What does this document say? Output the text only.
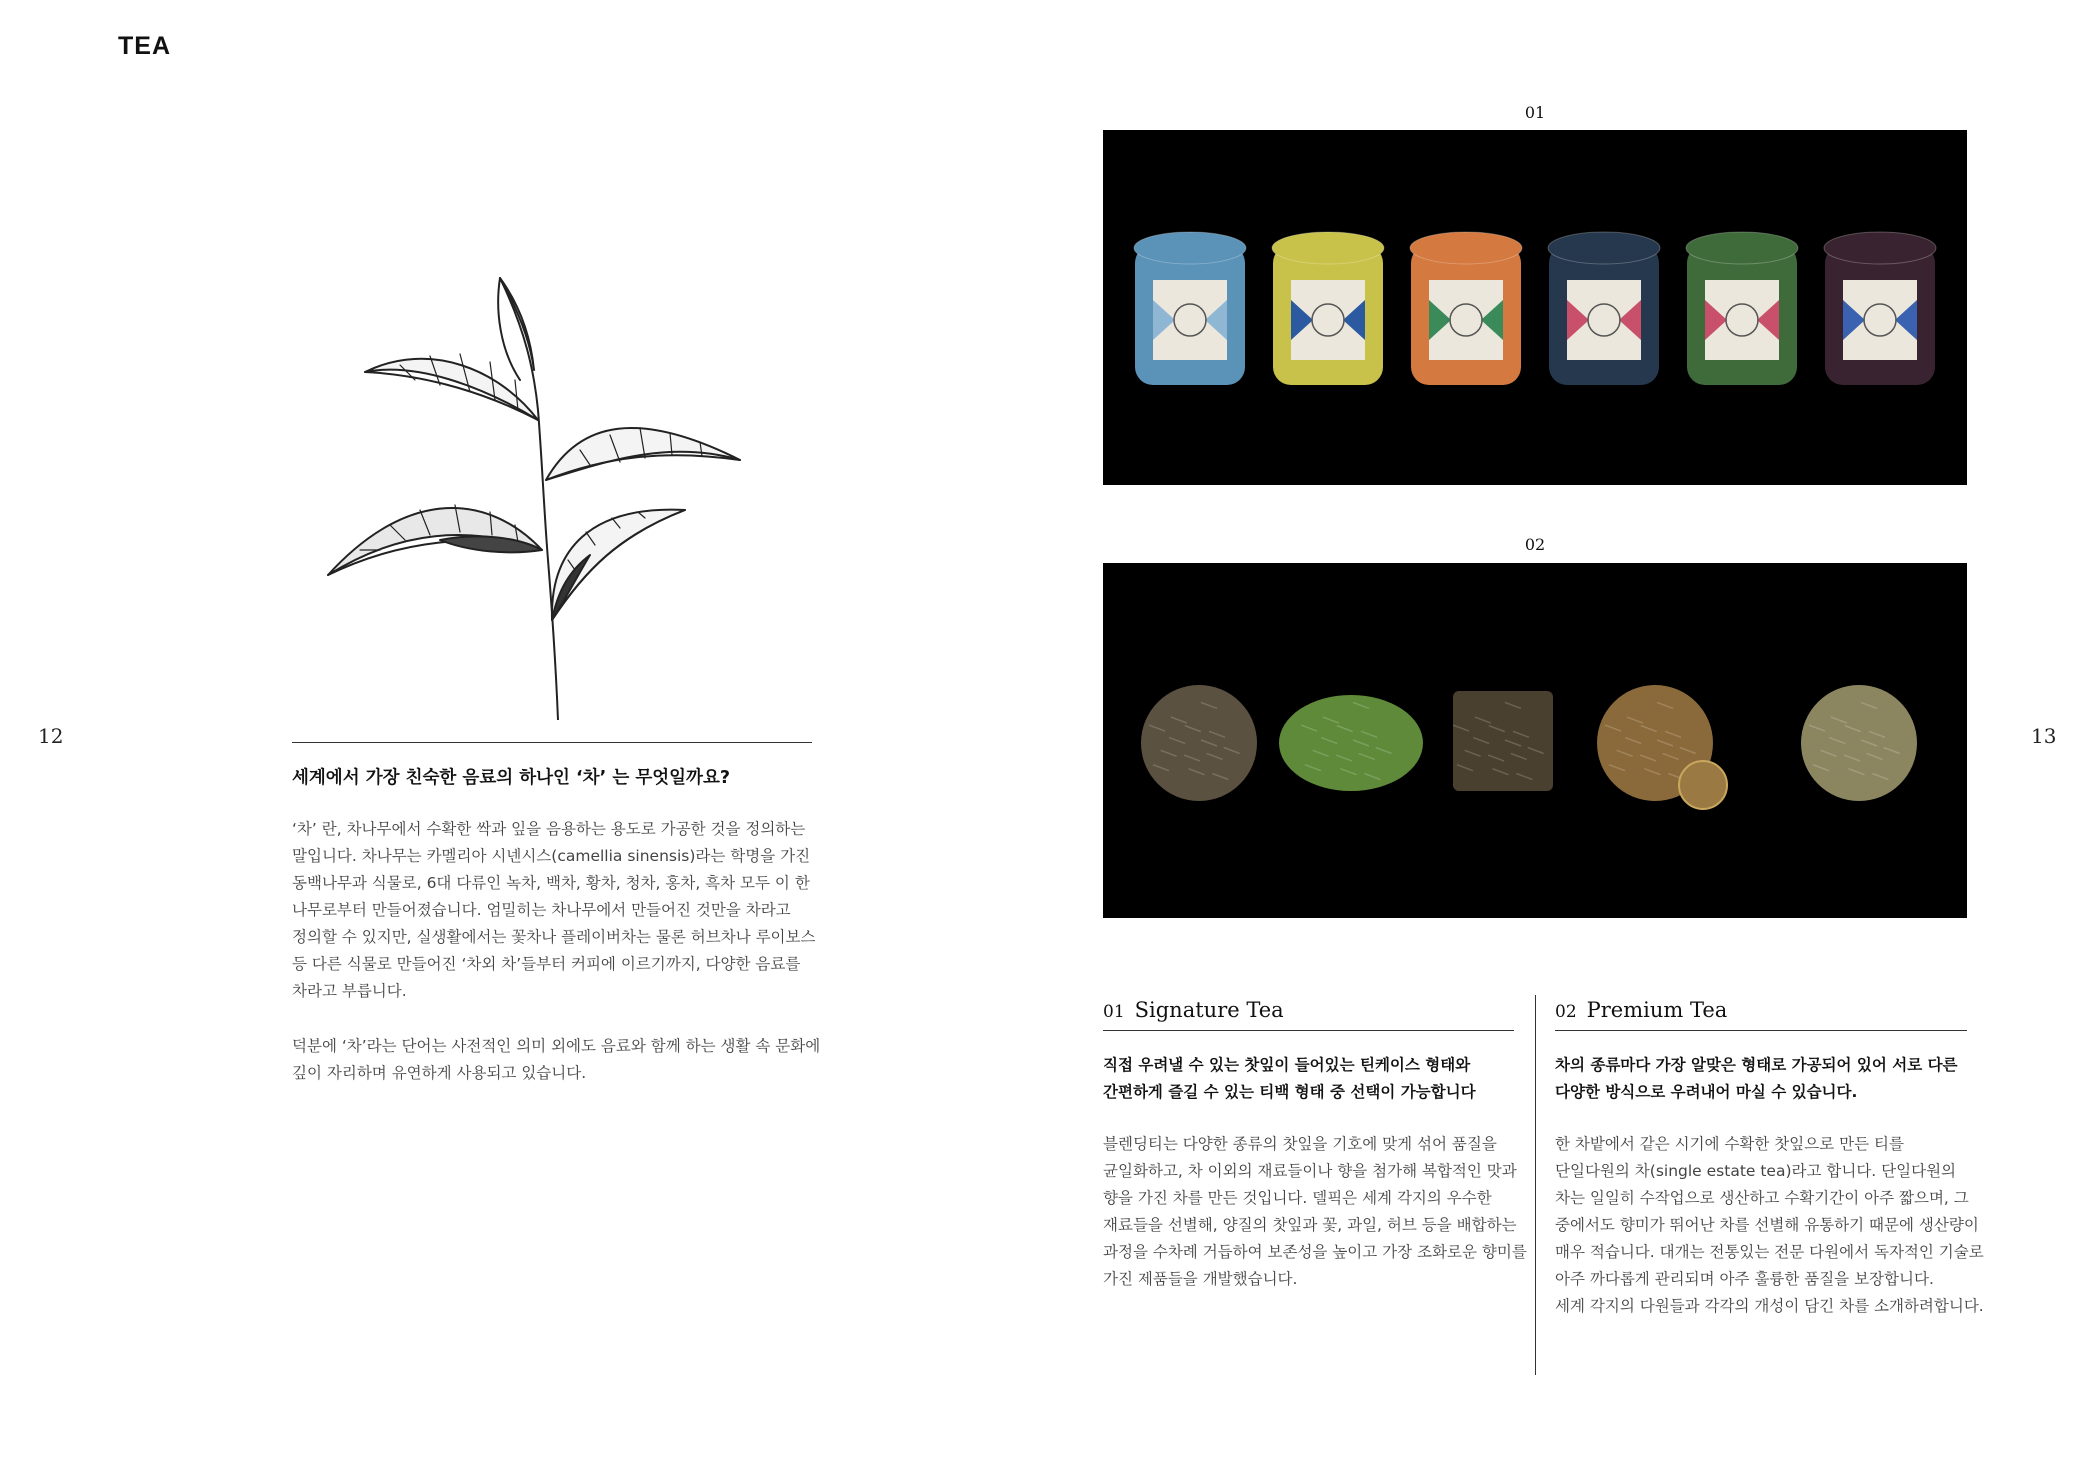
TEA
12	13
세계에서 가장 친숙한 음료의 하나인 ‘차’ 는 무엇일까요?
‘차’ 란, 차나무에서 수확한 싹과 잎을 음용하는 용도로 가공한 것을 정의하는
말입니다. 차나무는 카멜리아 시넨시스(camellia sinensis)라는 학명을 가진
동백나무과 식물로, 6대 다류인 녹차, 백차, 황차, 청차, 홍차, 흑차 모두 이 한
나무로부터 만들어졌습니다. 엄밀히는 차나무에서 만들어진 것만을 차라고
정의할 수 있지만, 실생활에서는 꽃차나 플레이버차는 물론 허브차나 루이보스
등 다른 식물로 만들어진 ‘차외 차’들부터 커피에 이르기까지, 다양한 음료를
차라고 부릅니다.
덕분에 ‘차’라는 단어는 사전적인 의미 외에도 음료와 함께 하는 생활 속 문화에
깊이 자리하며 유연하게 사용되고 있습니다.
01
02
01 Signature Tea
직접 우려낼 수 있는 찻잎이 들어있는 틴케이스 형태와
간편하게 즐길 수 있는 티백 형태 중 선택이 가능합니다
블렌딩티는 다양한 종류의 찻잎을 기호에 맞게 섞어 품질을
균일화하고, 차 이외의 재료들이나 향을 첨가해 복합적인 맛과
향을 가진 차를 만든 것입니다. 델픽은 세계 각지의 우수한
재료들을 선별해, 양질의 찻잎과 꽃, 과일, 허브 등을 배합하는
과정을 수차례 거듭하여 보존성을 높이고 가장 조화로운 향미를
가진 제품들을 개발했습니다.
02 Premium Tea
차의 종류마다 가장 알맞은 형태로 가공되어 있어 서로 다른
다양한 방식으로 우려내어 마실 수 있습니다.
한 차밭에서 같은 시기에 수확한 찻잎으로 만든 티를
단일다원의 차(single estate tea)라고 합니다. 단일다원의
차는 일일히 수작업으로 생산하고 수확기간이 아주 짧으며, 그
중에서도 향미가 뛰어난 차를 선별해 유통하기 때문에 생산량이
매우 적습니다. 대개는 전통있는 전문 다원에서 독자적인 기술로
아주 까다롭게 관리되며 아주 훌륭한 품질을 보장합니다.
세계 각지의 다원들과 각각의 개성이 담긴 차를 소개하려합니다.
